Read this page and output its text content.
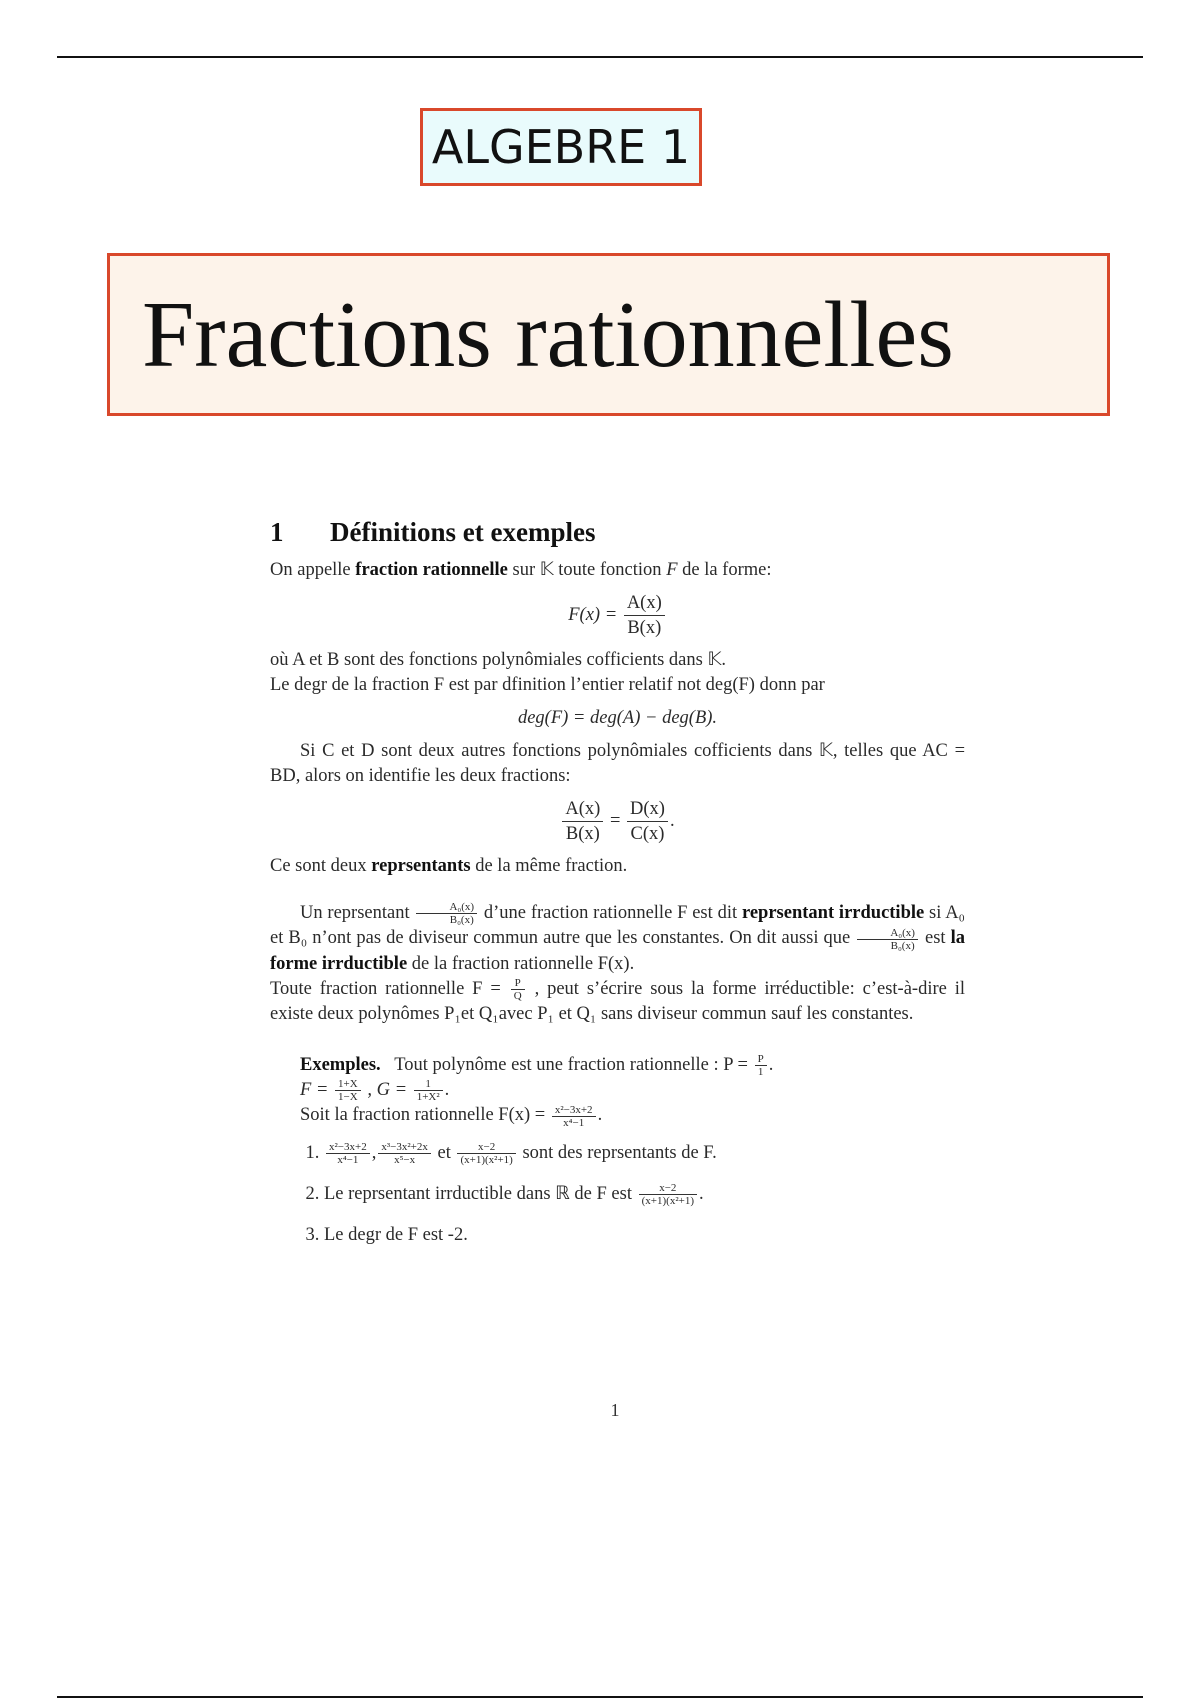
ALGEBRE 1
Fractions rationnelles
1 Définitions et exemples

On appelle fraction rationnelle sur 𝕂 toute fonction F de la forme:

$F(x) = \frac{A(x)}{B(x)}$

où A et B sont des fonctions polynômiales cofficients dans 𝕂.

Le degr de la fraction F est par dfinition l’entier relatif not deg(F) donn par

deg(F) = deg(A) − deg(B).

Si C et D sont deux autres fonctions polynômiales cofficients dans 𝕂, telles que AC = BD, alors on identifie les deux fractions:

$\frac{A(x)}{B(x)} = \frac{D(x)}{C(x)}$ .

Ce sont deux reprsentants de la même fraction.

Un reprsentant $\frac{\text{A₀(x)}}{\text{B₀(x)}}$ d’une fraction rationnelle F est dit reprsentant irrductible si A₀ et B₀ n’ont pas de diviseur commun autre que les constantes. On dit aussi que $\frac{\text{A₀(x)}}{\text{B₀(x)}}$ est la forme irrductible de la fraction rationnelle F(x).

Toute fraction rationnelle $F = \frac{P}{Q}$ , peut s’écrire sous la forme irréductible: c’est-à-dire il existe deux polynômes P₁et Q₁avec P₁ et Q₁ sans diviseur commun sauf les constantes.

Exemples. Tout polynôme est une fraction rationnelle : $P = \frac{P}{1}$ .

$F = \frac{1+X}{1-X}$ , $G = \frac{1}{\text{1+X²}}$ .

Soit la fraction rationnelle $F(x) = \frac{\text{x²−3x+2}}{\text{x⁴−1}}$ .

1. $\frac{\text{x²−3x+2}}{\text{x⁴−1}}$ , $\frac{\text{x³−3x²+2x}}{\text{x⁵−x}}$ et $\frac{x-2}{\text{(x+1)(x²+1)}}$ sont des reprsentants de F.
2. Le reprsentant irrductible dans ℝ de F est $\frac{x-2}{\text{(x+1)(x²+1)}}$ .
3. Le degr de F est -2.
1
